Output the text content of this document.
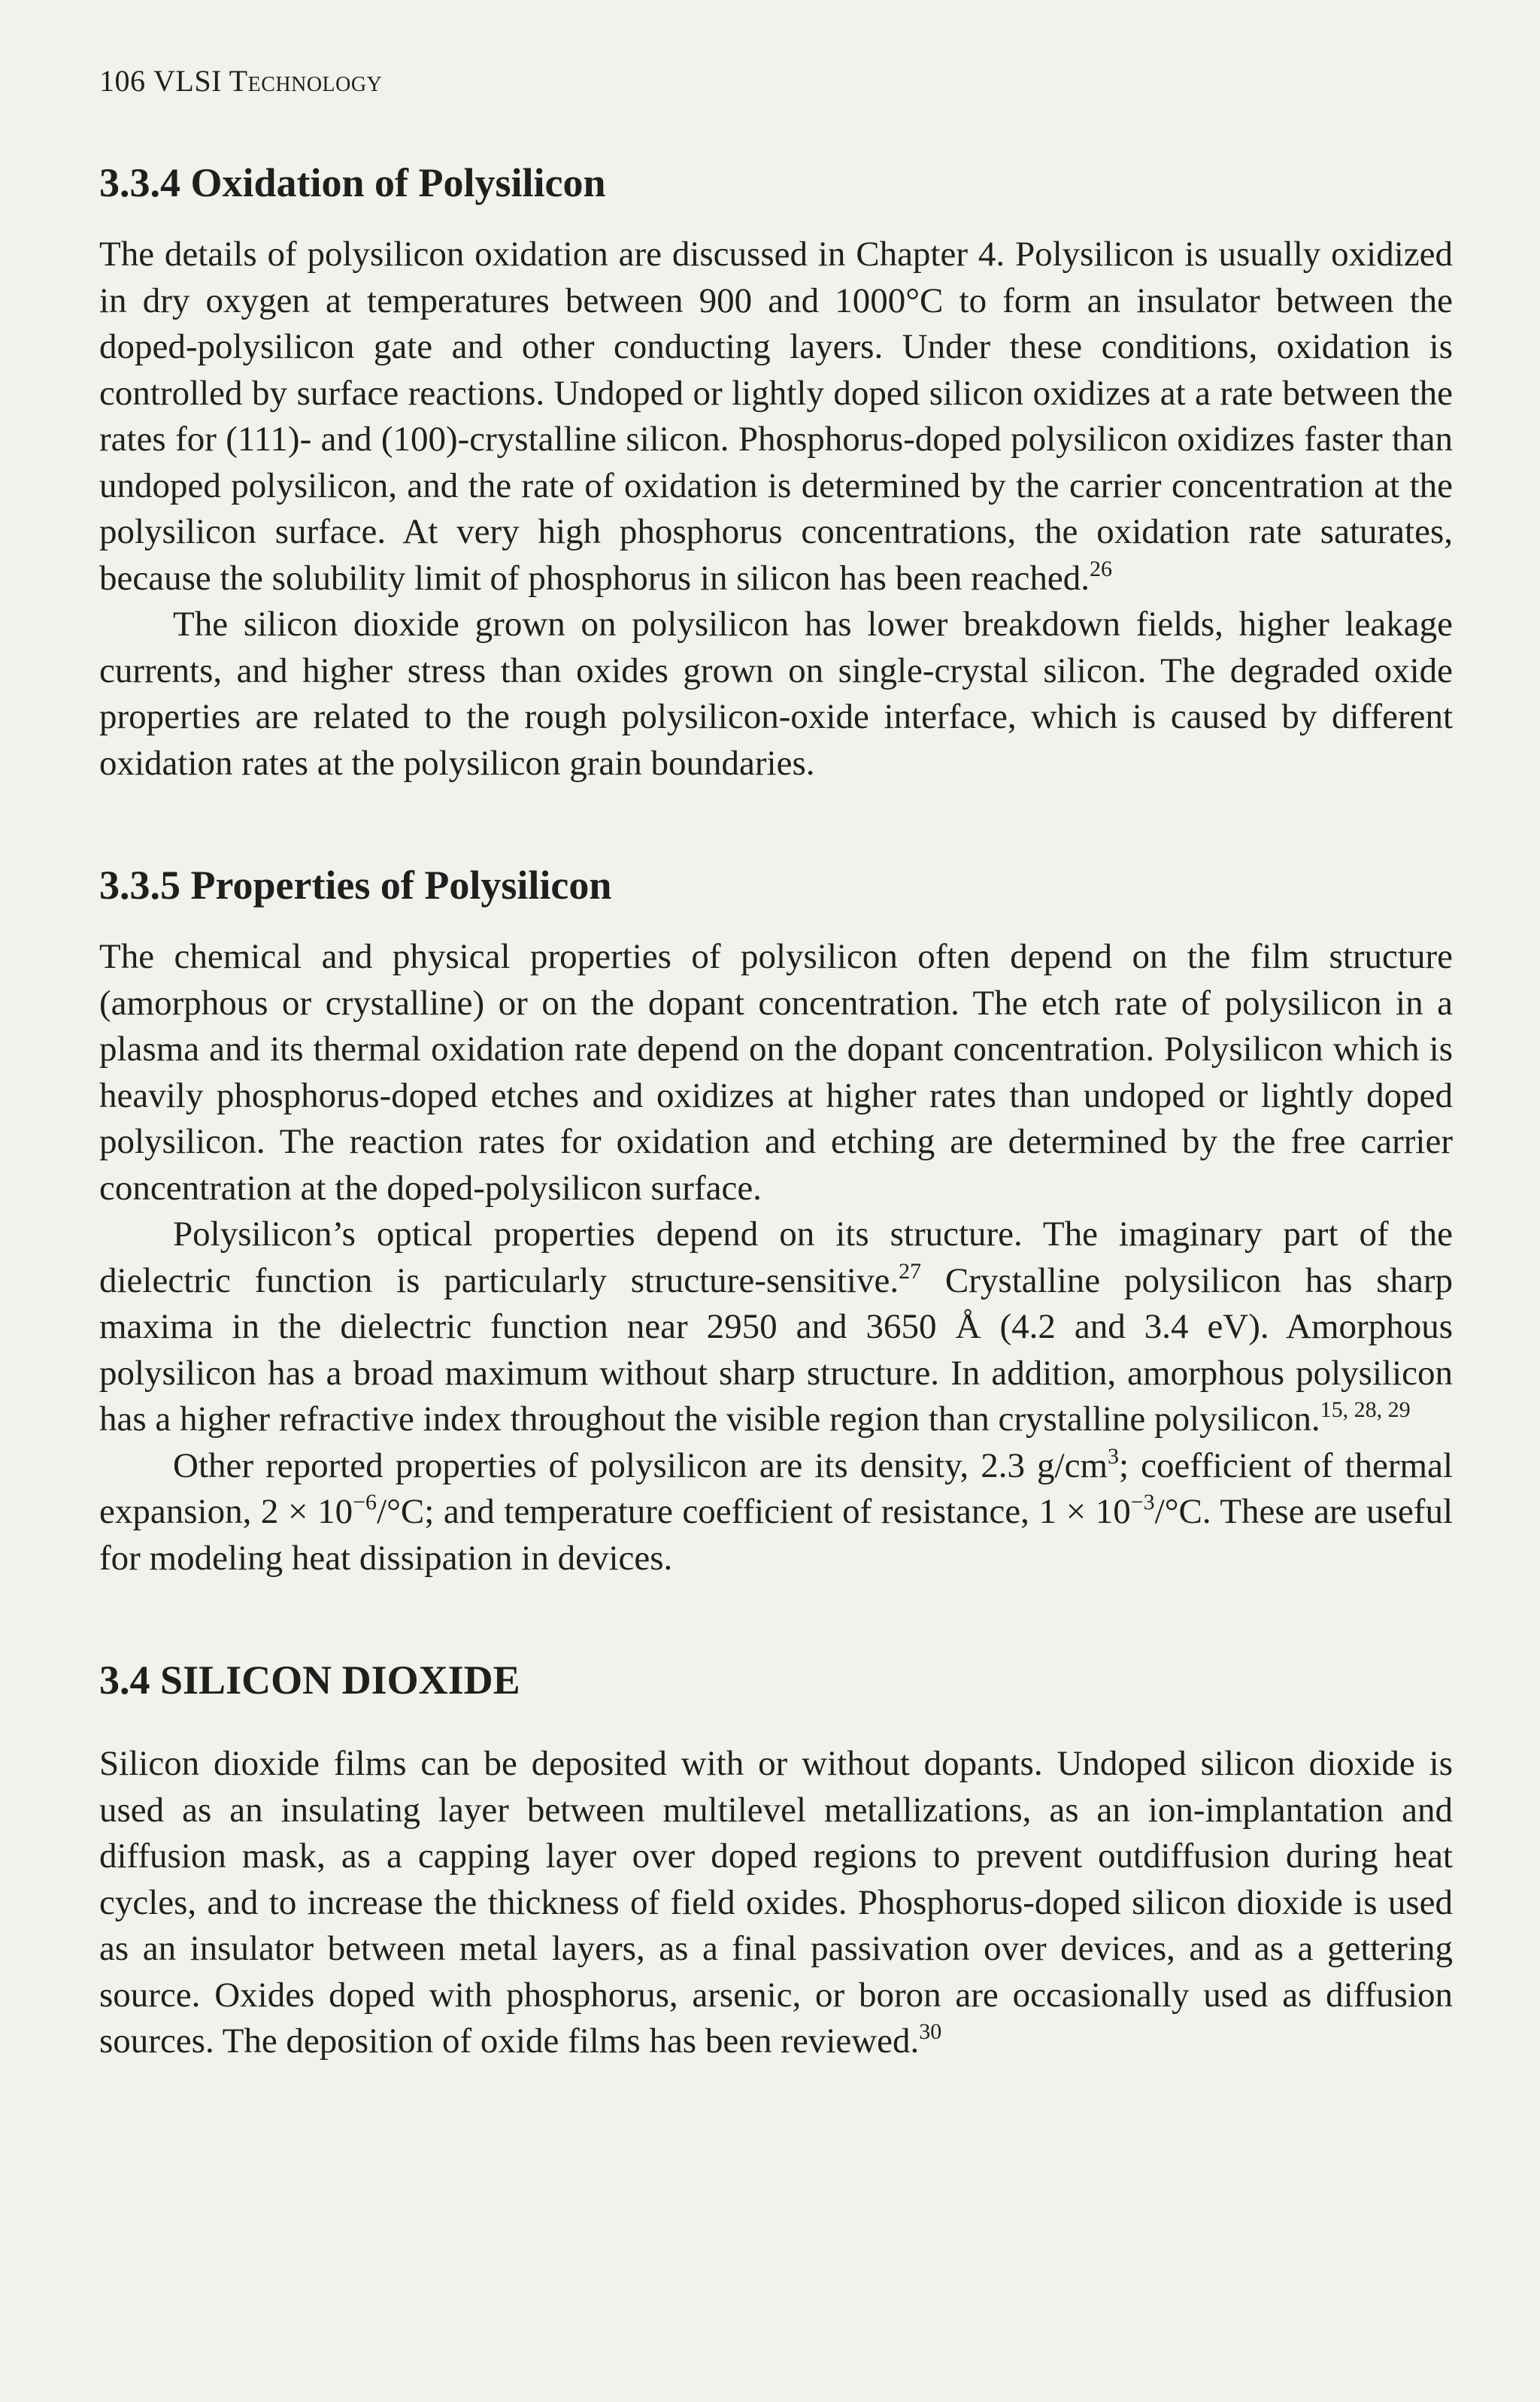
106 VLSI Technology
3.3.4 Oxidation of Polysilicon

The details of polysilicon oxidation are discussed in Chapter 4. Polysilicon is usually oxidized in dry oxygen at temperatures between 900 and 1000°C to form an insulator between the doped-polysilicon gate and other conducting layers. Under these conditions, oxidation is controlled by surface reactions. Undoped or lightly doped silicon oxidizes at a rate between the rates for (111)- and (100)-crystalline silicon. Phosphorus-doped polysilicon oxidizes faster than undoped polysilicon, and the rate of oxidation is determined by the carrier concentration at the polysilicon surface. At very high phosphorus concentrations, the oxidation rate saturates, because the solubility limit of phosphorus in silicon has been reached.$^{26}$

The silicon dioxide grown on polysilicon has lower breakdown fields, higher leakage currents, and higher stress than oxides grown on single-crystal silicon. The degraded oxide properties are related to the rough polysilicon-oxide interface, which is caused by different oxidation rates at the polysilicon grain boundaries.

3.3.5 Properties of Polysilicon

The chemical and physical properties of polysilicon often depend on the film structure (amorphous or crystalline) or on the dopant concentration. The etch rate of polysilicon in a plasma and its thermal oxidation rate depend on the dopant concentration. Polysilicon which is heavily phosphorus-doped etches and oxidizes at higher rates than undoped or lightly doped polysilicon. The reaction rates for oxidation and etching are determined by the free carrier concentration at the doped-polysilicon surface.

Polysilicon’s optical properties depend on its structure. The imaginary part of the dielectric function is particularly structure-sensitive.$^{27}$ Crystalline polysilicon has sharp maxima in the dielectric function near 2950 and 3650 Å (4.2 and 3.4 eV). Amorphous polysilicon has a broad maximum without sharp structure. In addition, amorphous polysilicon has a higher refractive index throughout the visible region than crystalline polysilicon.$^{15, 28, 29}$

Other reported properties of polysilicon are its density, 2.3 $g/cm^3$; coefficient of thermal expansion, $2 \times 10^{-6}/^\circ C$; and temperature coefficient of resistance, $1 \times 10^{-3}/^\circ C$. These are useful for modeling heat dissipation in devices.

3.4 SILICON DIOXIDE

Silicon dioxide films can be deposited with or without dopants. Undoped silicon dioxide is used as an insulating layer between multilevel metallizations, as an ion-implantation and diffusion mask, as a capping layer over doped regions to prevent outdiffusion during heat cycles, and to increase the thickness of field oxides. Phosphorus-doped silicon dioxide is used as an insulator between metal layers, as a final passivation over devices, and as a gettering source. Oxides doped with phosphorus, arsenic, or boron are occasionally used as diffusion sources. The deposition of oxide films has been reviewed.$^{30}$
